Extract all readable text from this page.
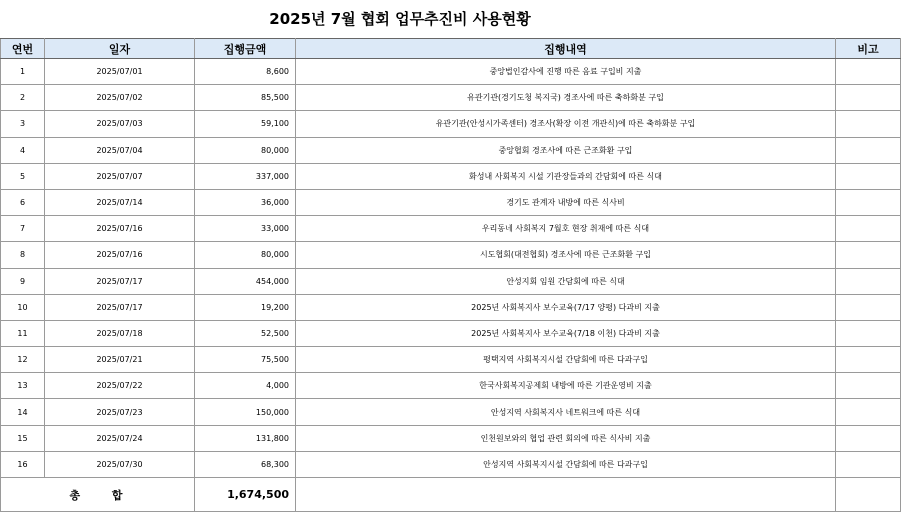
2025년 7월 협회 업무추진비 사용현황
연번	일자	집행금액	집행내역	비고
1	2025/07/01	8,600	중앙법인감사에 진행 따른 음료 구입비 지출	
2	2025/07/02	85,500	유관기관(경기도청 복지국) 경조사에 따른 축하화분 구입	
3	2025/07/03	59,100	유관기관(안성시가족센터) 경조사(확장 이전 개관식)에 따른 축하화분 구입	
4	2025/07/04	80,000	중앙협회 경조사에 따른 근조화환 구입	
5	2025/07/07	337,000	화성내 사회복지 시설 기관장들과의 간담회에 따른 식대	
6	2025/07/14	36,000	경기도 관계자 내방에 따른 식사비	
7	2025/07/16	33,000	우리동네 사회복지 7월호 현장 취재에 따른 식대	
8	2025/07/16	80,000	시도협회(대전협회) 경조사에 따른 근조화환 구입	
9	2025/07/17	454,000	안성지회 임원 간담회에 따른 식대	
10	2025/07/17	19,200	2025년 사회복지사 보수교육(7/17 양평) 다과비 지출	
11	2025/07/18	52,500	2025년 사회복지사 보수교육(7/18 이천) 다과비 지출	
12	2025/07/21	75,500	평택지역 사회복지시설 간담회에 따른 다과구입	
13	2025/07/22	4,000	한국사회복지공제회 내방에 따른 기관운영비 지출	
14	2025/07/23	150,000	안성지역 사회복지사 네트워크에 따른 식대	
15	2025/07/24	131,800	인천원보와의 협업 관련 회의에 따른 식사비 지출	
16	2025/07/30	68,300	안성지역 사회복지시설 간담회에 따른 다과구입	
총 합		1,674,500		
